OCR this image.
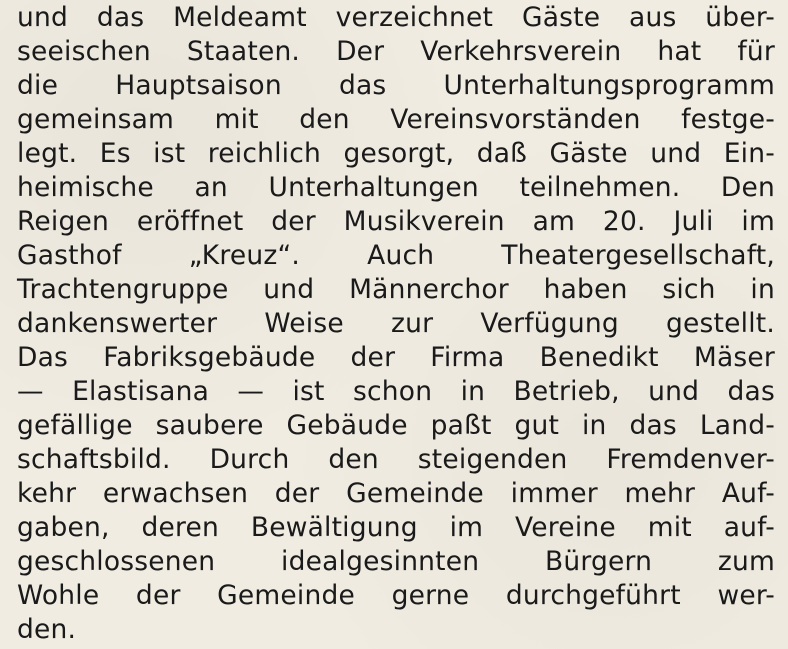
und das Meldeamt verzeichnet Gäste aus über-
seeischen Staaten. Der Verkehrsverein hat für
die Hauptsaison das Unterhaltungsprogramm
gemeinsam mit den Vereinsvorständen festge-
legt. Es ist reichlich gesorgt, daß Gäste und Ein-
heimische an Unterhaltungen teilnehmen. Den
Reigen eröffnet der Musikverein am 20. Juli im
Gasthof „Kreuz“. Auch Theatergesellschaft,
Trachtengruppe und Männerchor haben sich in
dankenswerter Weise zur Verfügung gestellt.
Das Fabriksgebäude der Firma Benedikt Mäser
— Elastisana — ist schon in Betrieb, und das
gefällige saubere Gebäude paßt gut in das Land-
schaftsbild. Durch den steigenden Fremdenver-
kehr erwachsen der Gemeinde immer mehr Auf-
gaben, deren Bewältigung im Vereine mit auf-
geschlossenen idealgesinnten Bürgern zum
Wohle der Gemeinde gerne durchgeführt wer-
den.
